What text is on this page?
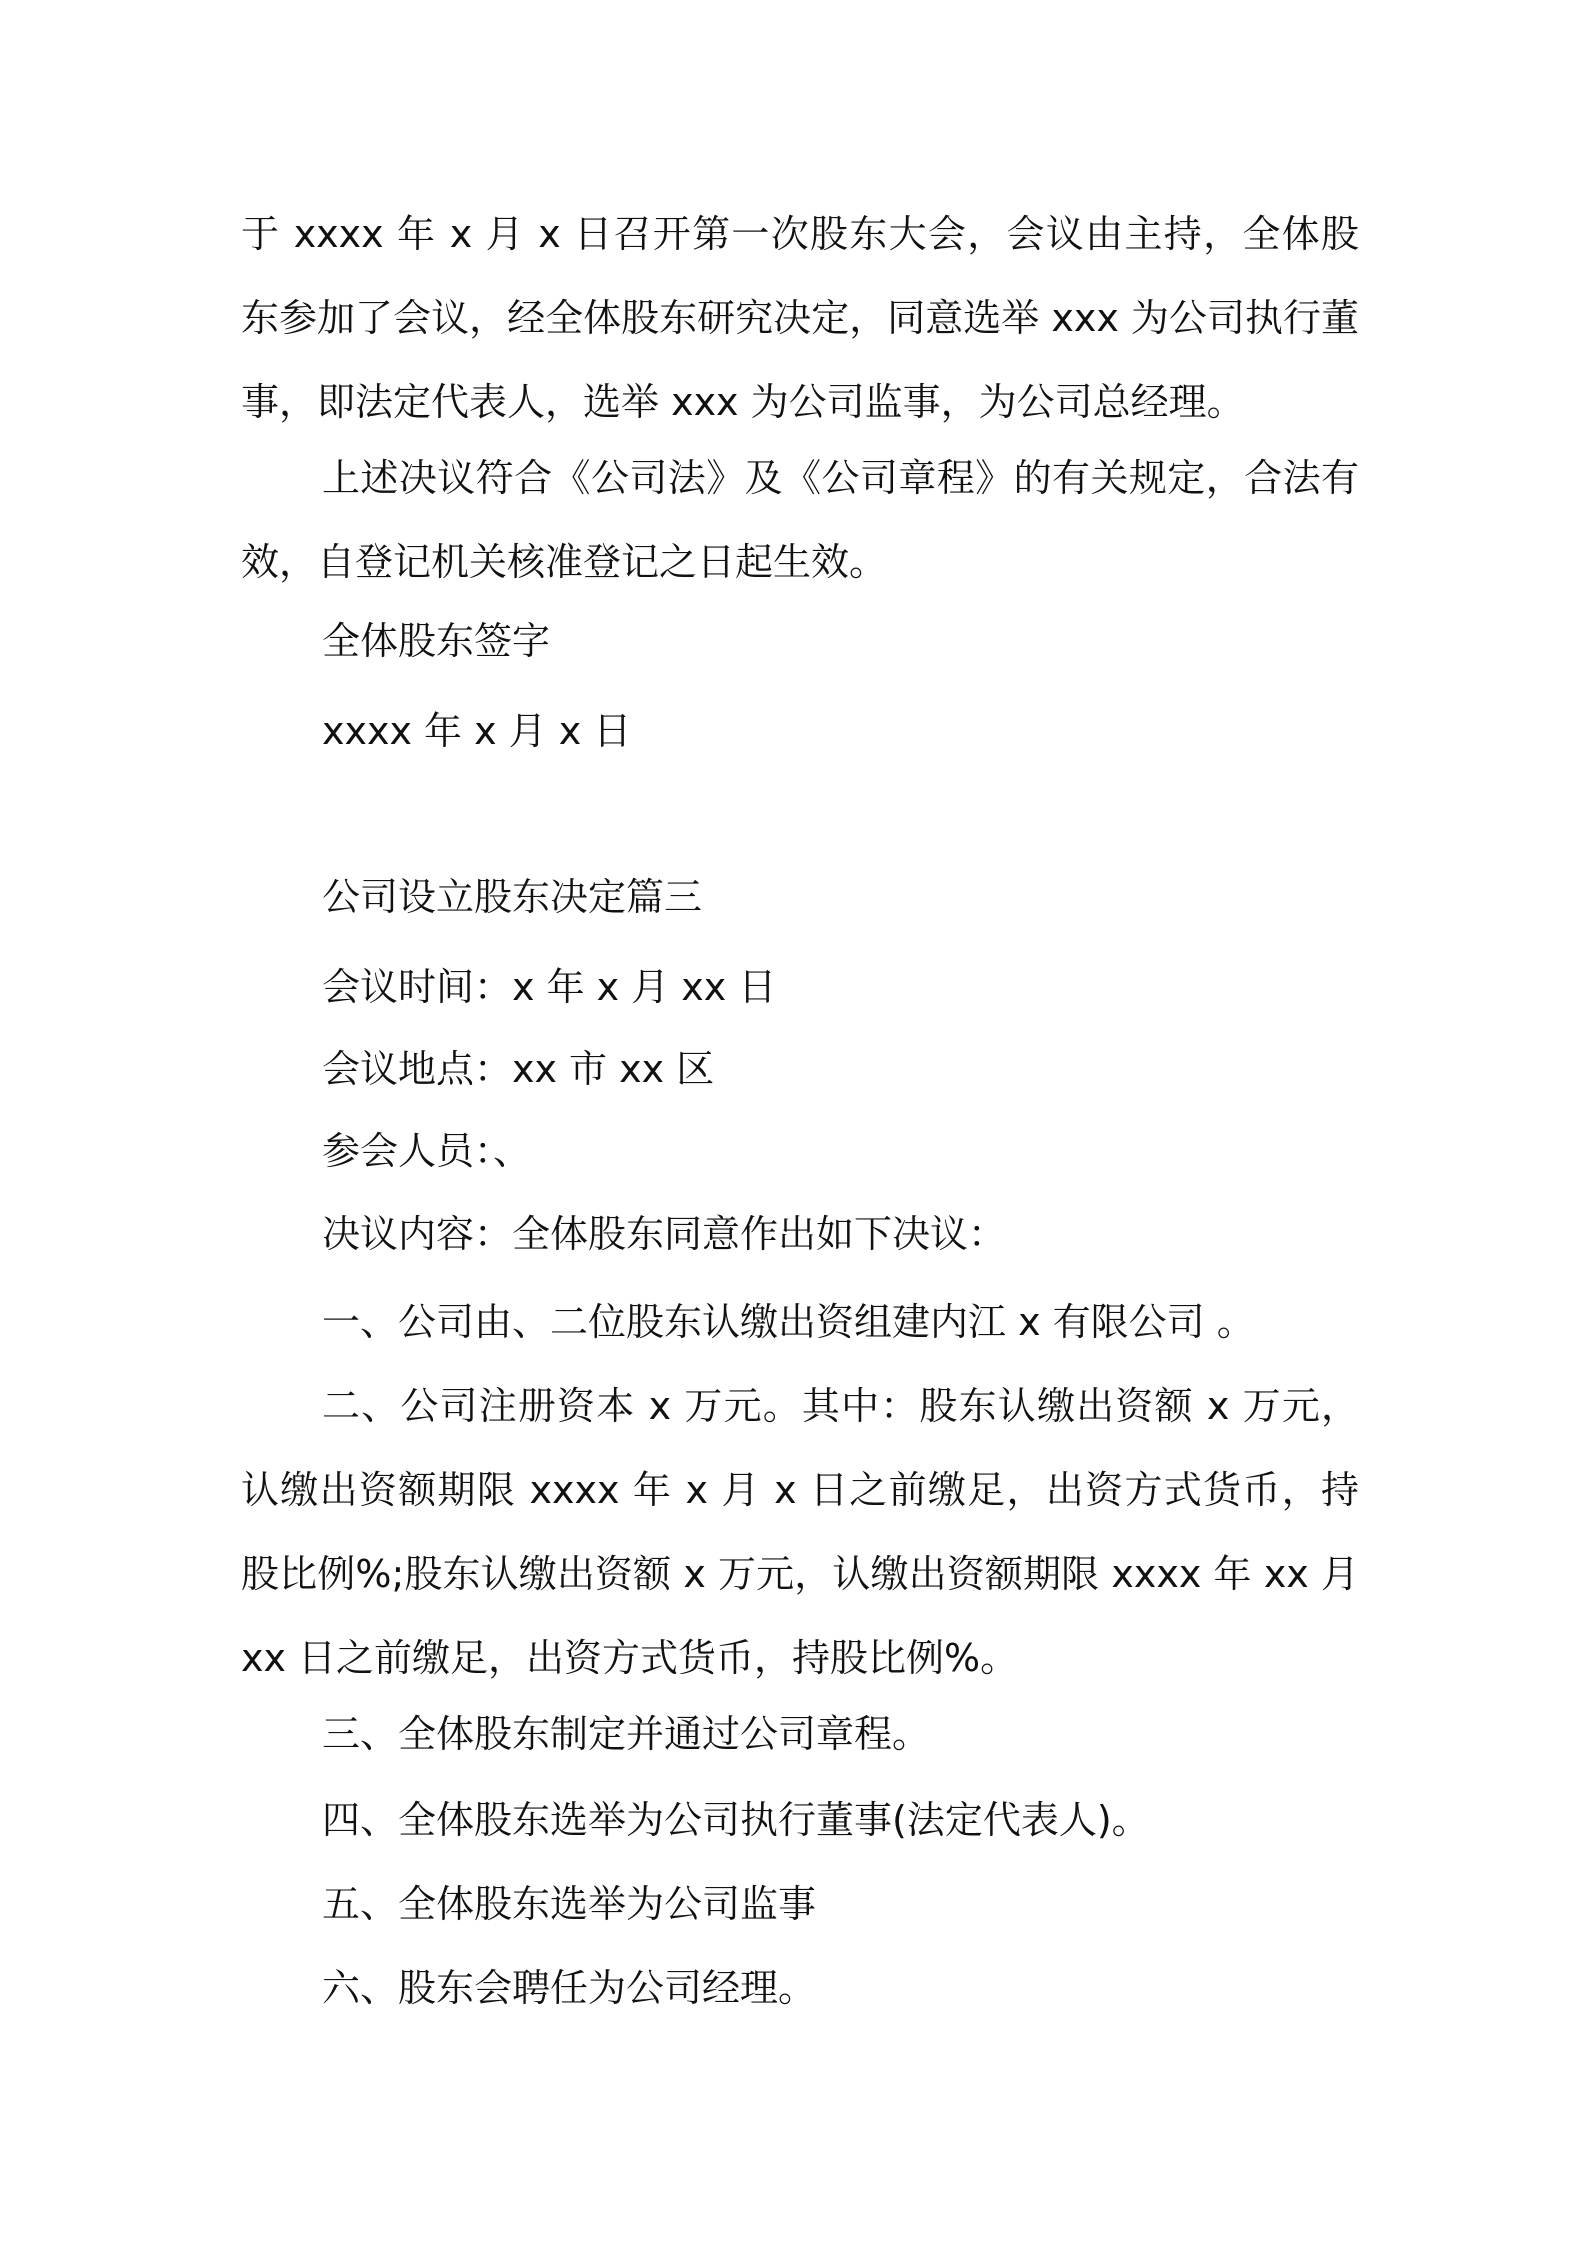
于 xxxx 年 x 月 x 日召开第一次股东大会，会议由主持，全体股东参加了会议，经全体股东研究决定，同意选举 xxx 为公司执行董事，即法定代表人，选举 xxx 为公司监事，为公司总经理。

上述决议符合《公司法》及《公司章程》的有关规定，合法有效，自登记机关核准登记之日起生效。

全体股东签字

xxxx 年 x 月 x 日

公司设立股东决定篇三

会议时间：x 年 x 月 xx 日

会议地点：xx 市 xx 区

参会人员：、

决议内容：全体股东同意作出如下决议：

一、公司由、二位股东认缴出资组建内江 x 有限公司 。

二、公司注册资本 x 万元。其中：股东认缴出资额 x 万元，认缴出资额期限 xxxx 年 x 月 x 日之前缴足，出资方式货币，持股比例%;股东认缴出资额 x 万元，认缴出资额期限 xxxx 年 xx 月 xx 日之前缴足，出资方式货币，持股比例%。

三、全体股东制定并通过公司章程。

四、全体股东选举为公司执行董事(法定代表人)。

五、全体股东选举为公司监事

六、股东会聘任为公司经理。
